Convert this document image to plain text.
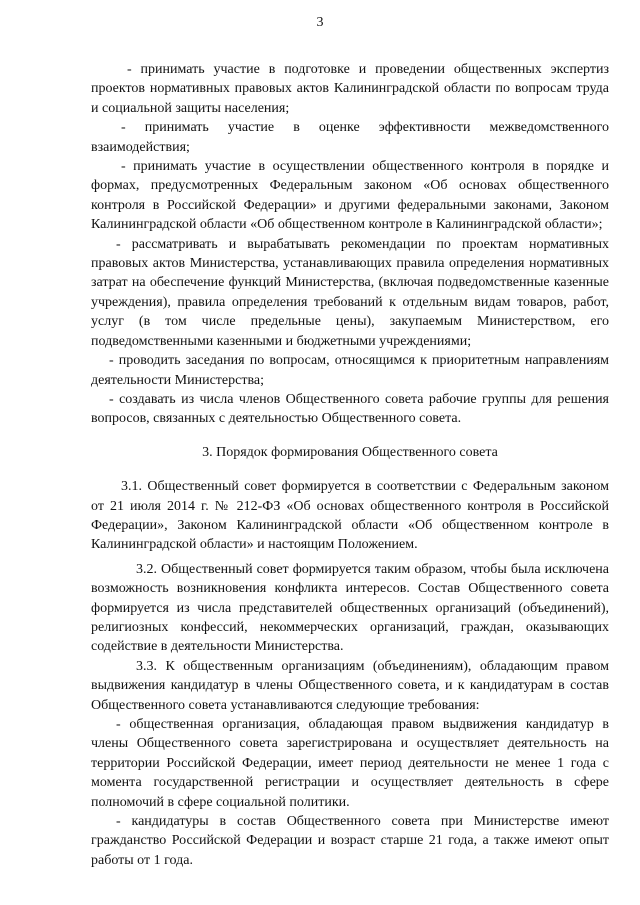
3

- принимать участие в подготовке и проведении общественных экспертиз проектов нормативных правовых актов Калининградской области по вопросам труда и социальной защиты населения;

- принимать участие в оценке эффективности межведомственного взаимодействия;

- принимать участие в осуществлении общественного контроля в порядке и формах, предусмотренных Федеральным законом «Об основах общественного контроля в Российской Федерации» и другими федеральными законами, Законом Калининградской области «Об общественном контроле в Калининградской области»;

- рассматривать и вырабатывать рекомендации по проектам нормативных правовых актов Министерства, устанавливающих правила определения нормативных затрат на обеспечение функций Министерства, (включая подведомственные казенные учреждения), правила определения требований к отдельным видам товаров, работ, услуг (в том числе предельные цены), закупаемым Министерством, его подведомственными казенными и бюджетными учреждениями;

- проводить заседания по вопросам, относящимся к приоритетным направлениям деятельности Министерства;

- создавать из числа членов Общественного совета рабочие группы для решения вопросов, связанных с деятельностью Общественного совета.

3. Порядок формирования Общественного совета

3.1. Общественный совет формируется в соответствии с Федеральным законом от 21 июля 2014 г. № 212-ФЗ «Об основах общественного контроля в Российской Федерации», Законом Калининградской области «Об общественном контроле в Калининградской области» и настоящим Положением.

3.2. Общественный совет формируется таким образом, чтобы была исключена возможность возникновения конфликта интересов. Состав Общественного совета формируется из числа представителей общественных организаций (объединений), религиозных конфессий, некоммерческих организаций, граждан, оказывающих содействие в деятельности Министерства.

3.3. К общественным организациям (объединениям), обладающим правом выдвижения кандидатур в члены Общественного совета, и к кандидатурам в состав Общественного совета устанавливаются следующие требования:

- общественная организация, обладающая правом выдвижения кандидатур в члены Общественного совета зарегистрирована и осуществляет деятельность на территории Российской Федерации, имеет период деятельности не менее 1 года с момента государственной регистрации и осуществляет деятельность в сфере полномочий в сфере социальной политики.

- кандидатуры в состав Общественного совета при Министерстве имеют гражданство Российской Федерации и возраст старше 21 года, а также имеют опыт работы от 1 года.
